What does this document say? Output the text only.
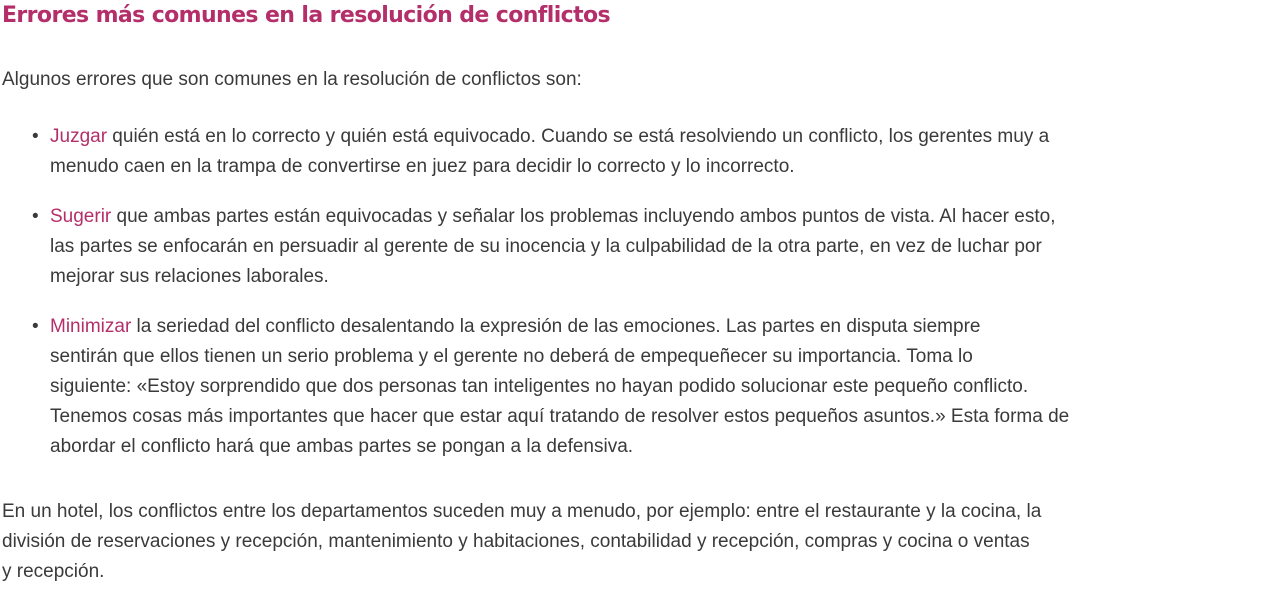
Errores más comunes en la resolución de conflictos

Algunos errores que son comunes en la resolución de conflictos son:

• Juzgar quién está en lo correcto y quién está equivocado. Cuando se está resolviendo un conflicto, los gerentes muy a
menudo caen en la trampa de convertirse en juez para decidir lo correcto y lo incorrecto.
• Sugerir que ambas partes están equivocadas y señalar los problemas incluyendo ambos puntos de vista. Al hacer esto,
las partes se enfocarán en persuadir al gerente de su inocencia y la culpabilidad de la otra parte, en vez de luchar por
mejorar sus relaciones laborales.
• Minimizar la seriedad del conflicto desalentando la expresión de las emociones. Las partes en disputa siempre
sentirán que ellos tienen un serio problema y el gerente no deberá de empequeñecer su importancia. Toma lo
siguiente: «Estoy sorprendido que dos personas tan inteligentes no hayan podido solucionar este pequeño conflicto.
Tenemos cosas más importantes que hacer que estar aquí tratando de resolver estos pequeños asuntos.» Esta forma de
abordar el conflicto hará que ambas partes se pongan a la defensiva.

En un hotel, los conflictos entre los departamentos suceden muy a menudo, por ejemplo: entre el restaurante y la cocina, la
división de reservaciones y recepción, mantenimiento y habitaciones, contabilidad y recepción, compras y cocina o ventas
y recepción.
